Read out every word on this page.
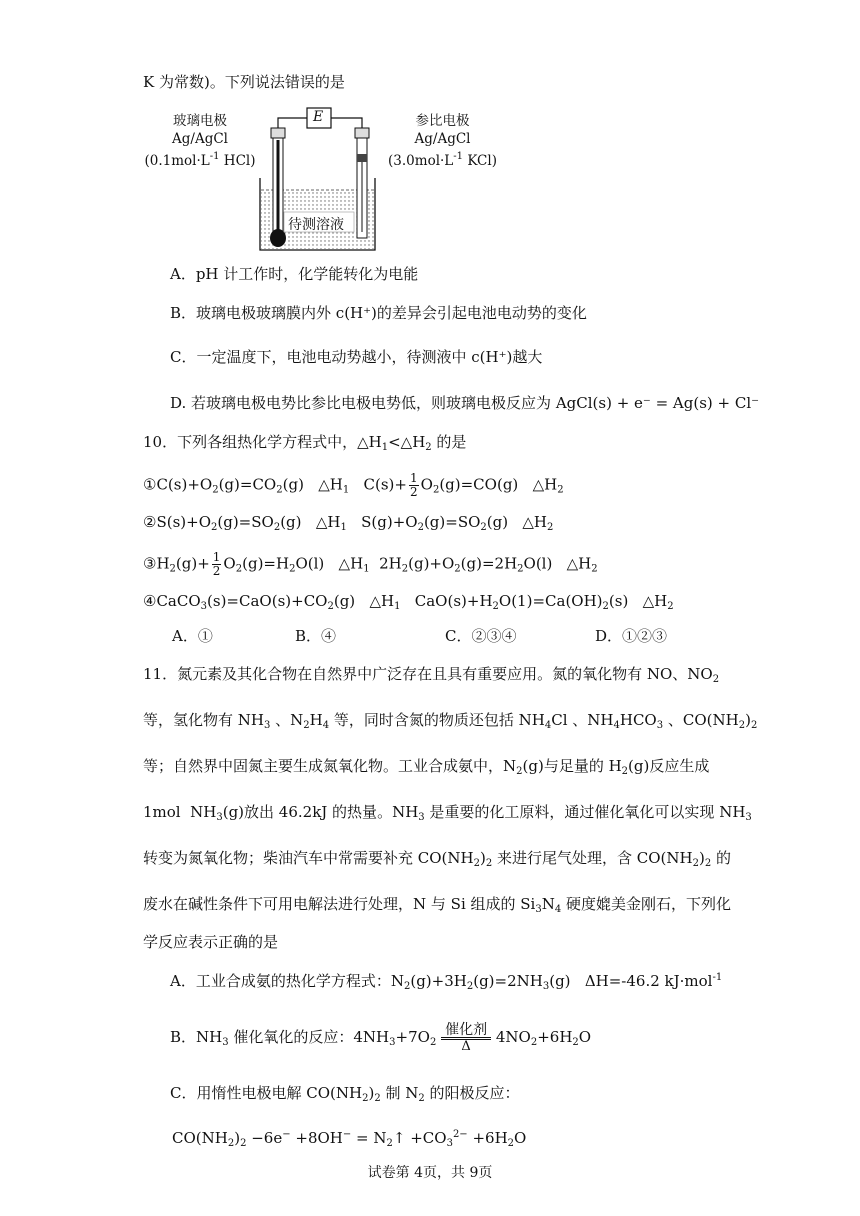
K 为常数)。下列说法错误的是
玻璃电极
Ag/AgCl
($0.1mol\cdot L^{-1}$ HCl)
参比电极
Ag/AgCl
($3.0mol\cdot L^{-1}$ KCl)
待测溶液
E
A．pH 计工作时，化学能转化为电能
B．玻璃电极玻璃膜内外 c(H⁺)的差异会引起电池电动势的变化
C．一定温度下，电池电动势越小，待测液中 c(H⁺)越大
D. 若玻璃电极电势比参比电极电势低，则玻璃电极反应为 AgCl(s) + e⁻ = Ag(s) + Cl⁻
10．下列各组热化学方程式中，$\triangle H_1<\triangle H_2$ 的是
$①C(s)+O_2(g)=CO_2(g)$   $\triangle H_1$   $C(s)+ \frac{1}{2} O_2(g)=CO(g)$   $\triangle H_2$
$②S(s)+O_2(g)=SO_2(g)$   $\triangle H_1$   $S(g)+O_2(g)=SO_2(g)$   $\triangle H_2$
$③H_2(g)+ \frac{1}{2} O_2(g)=H_2O(l)$   $\triangle H_1$  $2H_2(g)+O_2(g)=2H_2O(l)$   $\triangle H_2$
$④CaCO_3(s)=CaO(s)+CO_2(g)$   $\triangle H_1$   $CaO(s)+H_2O(1)=Ca(OH)_2(s)$   $\triangle H_2$
A．①	B．④	C．②③④	D．①②③
11．氮元素及其化合物在自然界中广泛存在且具有重要应用。氮的氧化物有 NO、$NO_2$
等，氢化物有 $NH_3$ 、$N_2H_4$ 等，同时含氮的物质还包括 $NH_4Cl$ 、$NH_4HCO_3$ 、$CO(NH_2)_2$
等；自然界中固氮主要生成氮氧化物。工业合成氨中，$N_2(g)$与足量的 $H_2(g)$反应生成
1mol  $NH_3(g)$放出 46.2kJ 的热量。$NH_3$ 是重要的化工原料，通过催化氧化可以实现 $NH_3$
转变为氮氧化物；柴油汽车中常需要补充 $CO(NH_2)_2$ 来进行尾气处理，含 $CO(NH_2)_2$ 的
废水在碱性条件下可用电解法进行处理，N 与 Si 组成的 $Si_3N_4$ 硬度媲美金刚石，下列化
学反应表示正确的是
A．工业合成氨的热化学方程式：$N_2(g)+3H_2(g)=2NH_3(g)$   ΔH=-46.2 kJ·mol$^{-1}$
B．$NH_3$ 催化氧化的反应：$4NH_3+7O_2$
催化剂
Δ	$4NO_2+6H_2O$
C．用惰性电极电解 $CO(NH_2)_2$ 制 $N_2$ 的阳极反应：
$CO(NH_2)_2 -6e^- +8OH^-$ = $N_2↑ +CO_3^{2-} +6H_2O$
试卷第 4页，共 9页
